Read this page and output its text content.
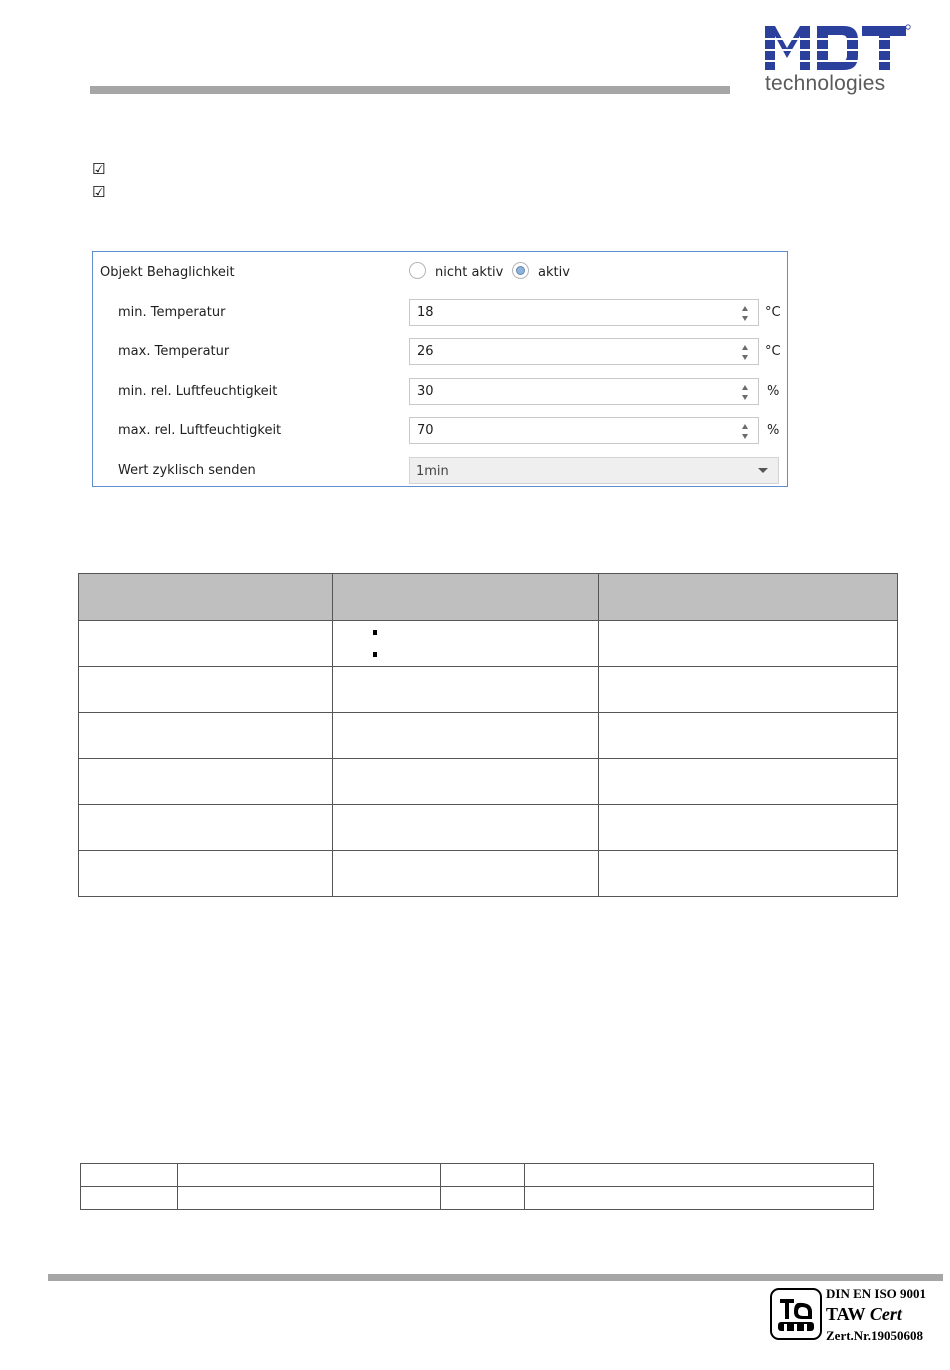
technologies
☑
☑
Objekt Behaglichkeit	nicht aktiv	aktiv
min. Temperatur	18	°C
max. Temperatur	26	°C
min. rel. Luftfeuchtigkeit	30	%
max. rel. Luftfeuchtigkeit	70	%
Wert zyklisch senden	1min

DIN EN ISO 9001
TAW Cert
Zert.Nr.19050608
